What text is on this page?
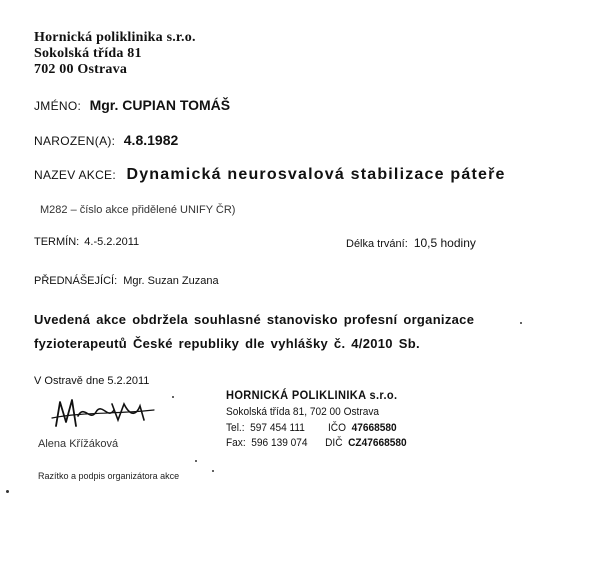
Hornická poliklinika s.r.o.
Sokolská třída 81
702 00 Ostrava
JMÉNO: Mgr. CUPIAN TOMÁŠ
NAROZEN(A): 4.8.1982
NAZEV AKCE: Dynamická neurosvalová stabilizace páteře
M282 – číslo akce přidělené UNIFY ČR)
TERMÍN: 4.-5.2.2011	Délka trvání: 10,5 hodiny
PŘEDNÁŠEJÍCÍ: Mgr. Suzan Zuzana
Uvedená akce obdržela souhlasné stanovisko profesní organizace
fyzioterapeutů České republiky dle vyhlášky č. 4/2010 Sb.
V Ostravě dne 5.2.2011
Alena Křížáková
HORNICKÁ POLIKLINIKA s.r.o.
Sokolská třída 81, 702 00 Ostrava
Tel.: 597 454 111 IČO 47668580
Fax: 596 139 074 DIČ CZ47668580
Razítko a podpis organizátora akce
